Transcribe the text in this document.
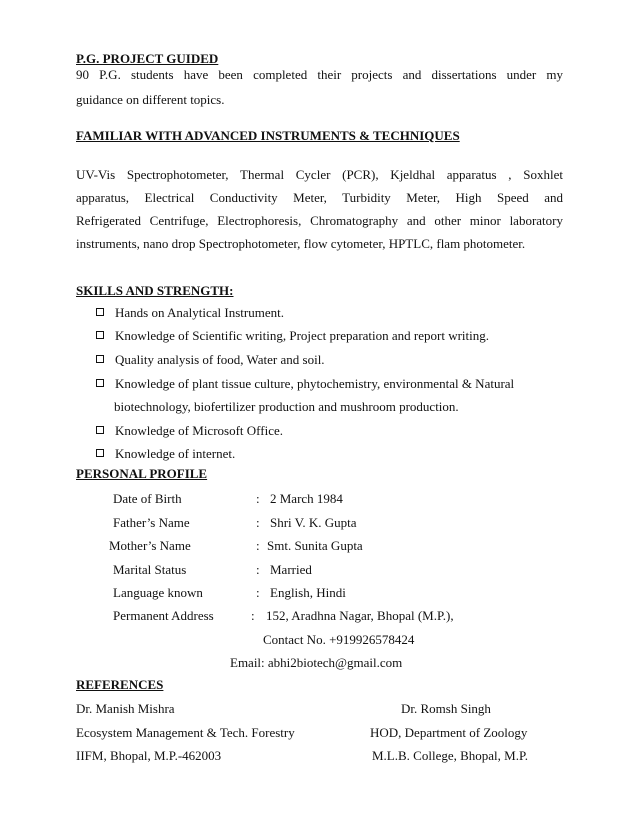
P.G. PROJECT GUIDED
90 P.G. students have been completed their projects and dissertations under my
guidance on different topics.
FAMILIAR WITH ADVANCED INSTRUMENTS & TECHNIQUES
UV-Vis Spectrophotometer, Thermal Cycler (PCR), Kjeldhal apparatus , Soxhlet
apparatus, Electrical Conductivity Meter, Turbidity Meter, High Speed and
Refrigerated Centrifuge, Electrophoresis, Chromatography and other minor laboratory
instruments, nano drop Spectrophotometer, flow cytometer, HPTLC, flam photometer.
SKILLS AND STRENGTH:
Hands on Analytical Instrument.
Knowledge of Scientific writing, Project preparation and report writing.
Quality analysis of food, Water and soil.
Knowledge of plant tissue culture, phytochemistry, environmental & Natural
biotechnology, biofertilizer production and mushroom production.
Knowledge of Microsoft Office.
Knowledge of internet.
PERSONAL PROFILE
Date of Birth	: 2 March 1984
Father’s Name	: Shri V. K. Gupta
Mother’s Name	: Smt. Sunita Gupta
Marital Status	: Married
Language known	: English, Hindi
Permanent Address	: 152, Aradhna Nagar, Bhopal (M.P.),
Contact No. +919926578424
Email: abhi2biotech@gmail.com
REFERENCES
Dr. Manish Mishra
Ecosystem Management & Tech. Forestry
IIFM, Bhopal, M.P.-462003
Dr. Romsh Singh
HOD, Department of Zoology
M.L.B. College, Bhopal, M.P.
